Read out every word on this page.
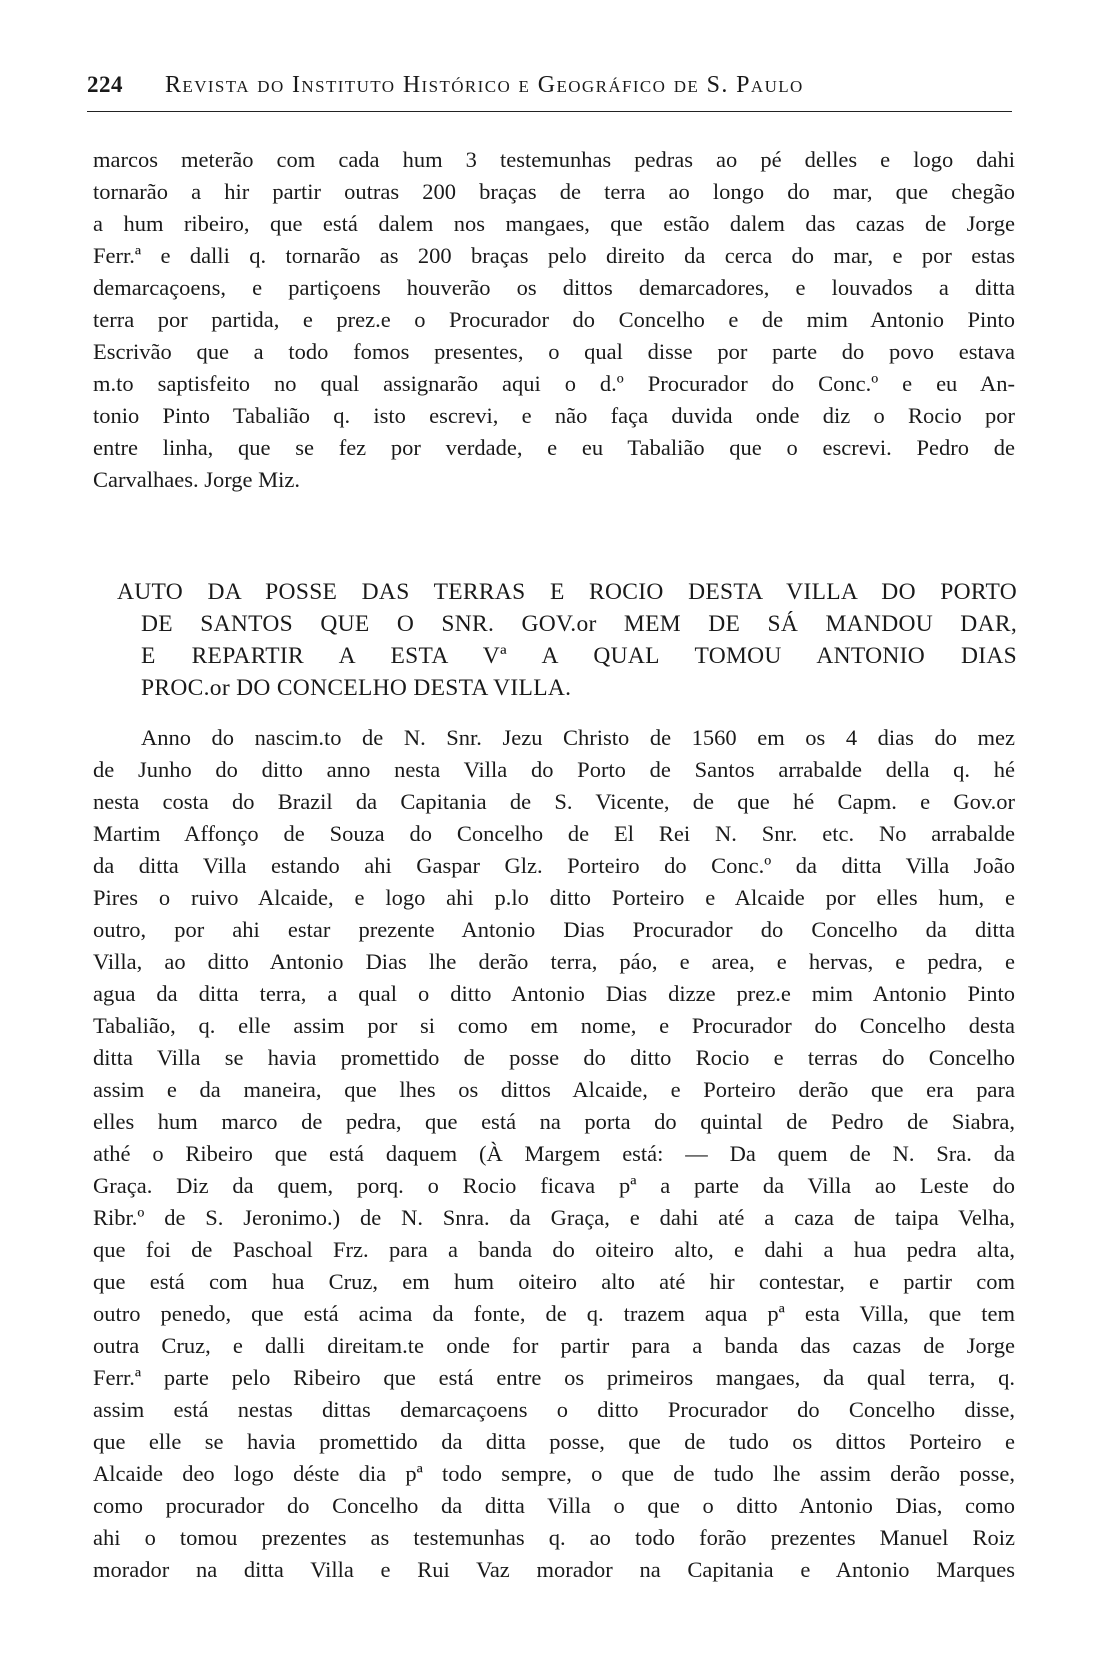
224 Revista do Instituto Histórico e Geográfico de S. Paulo
marcos meterão com cada hum 3 testemunhas pedras ao pé delles e logo dahi
tornarão a hir partir outras 200 braças de terra ao longo do mar, que chegão
a hum ribeiro, que está dalem nos mangaes, que estão dalem das cazas de Jorge
Ferr.ª e dalli q. tornarão as 200 braças pelo direito da cerca do mar, e por estas
demarcaçoens, e partiçoens houverão os dittos demarcadores, e louvados a ditta
terra por partida, e prez.e o Procurador do Concelho e de mim Antonio Pinto
Escrivão que a todo fomos presentes, o qual disse por parte do povo estava
m.to saptisfeito no qual assignarão aqui o d.º Procurador do Conc.º e eu An-
tonio Pinto Tabalião q. isto escrevi, e não faça duvida onde diz o Rocio por
entre linha, que se fez por verdade, e eu Tabalião que o escrevi. Pedro de
Carvalhaes. Jorge Miz.
AUTO DA POSSE DAS TERRAS E ROCIO DESTA VILLA DO PORTO
DE SANTOS QUE O SNR. GOV.or MEM DE SÁ MANDOU DAR,
E REPARTIR A ESTA Vª A QUAL TOMOU ANTONIO DIAS
PROC.or DO CONCELHO DESTA VILLA.
Anno do nascim.to de N. Snr. Jezu Christo de 1560 em os 4 dias do mez
de Junho do ditto anno nesta Villa do Porto de Santos arrabalde della q. hé
nesta costa do Brazil da Capitania de S. Vicente, de que hé Capm. e Gov.or
Martim Affonço de Souza do Concelho de El Rei N. Snr. etc. No arrabalde
da ditta Villa estando ahi Gaspar Glz. Porteiro do Conc.º da ditta Villa João
Pires o ruivo Alcaide, e logo ahi p.lo ditto Porteiro e Alcaide por elles hum, e
outro, por ahi estar prezente Antonio Dias Procurador do Concelho da ditta
Villa, ao ditto Antonio Dias lhe derão terra, páo, e area, e hervas, e pedra, e
agua da ditta terra, a qual o ditto Antonio Dias dizze prez.e mim Antonio Pinto
Tabalião, q. elle assim por si como em nome, e Procurador do Concelho desta
ditta Villa se havia promettido de posse do ditto Rocio e terras do Concelho
assim e da maneira, que lhes os dittos Alcaide, e Porteiro derão que era para
elles hum marco de pedra, que está na porta do quintal de Pedro de Siabra,
athé o Ribeiro que está daquem (À Margem está: — Da quem de N. Sra. da
Graça. Diz da quem, porq. o Rocio ficava pª a parte da Villa ao Leste do
Ribr.º de S. Jeronimo.) de N. Snra. da Graça, e dahi até a caza de taipa Velha,
que foi de Paschoal Frz. para a banda do oiteiro alto, e dahi a hua pedra alta,
que está com hua Cruz, em hum oiteiro alto até hir contestar, e partir com
outro penedo, que está acima da fonte, de q. trazem aqua pª esta Villa, que tem
outra Cruz, e dalli direitam.te onde for partir para a banda das cazas de Jorge
Ferr.ª parte pelo Ribeiro que está entre os primeiros mangaes, da qual terra, q.
assim está nestas dittas demarcaçoens o ditto Procurador do Concelho disse,
que elle se havia promettido da ditta posse, que de tudo os dittos Porteiro e
Alcaide deo logo déste dia pª todo sempre, o que de tudo lhe assim derão posse,
como procurador do Concelho da ditta Villa o que o ditto Antonio Dias, como
ahi o tomou prezentes as testemunhas q. ao todo forão prezentes Manuel Roiz
morador na ditta Villa e Rui Vaz morador na Capitania e Antonio Marques
